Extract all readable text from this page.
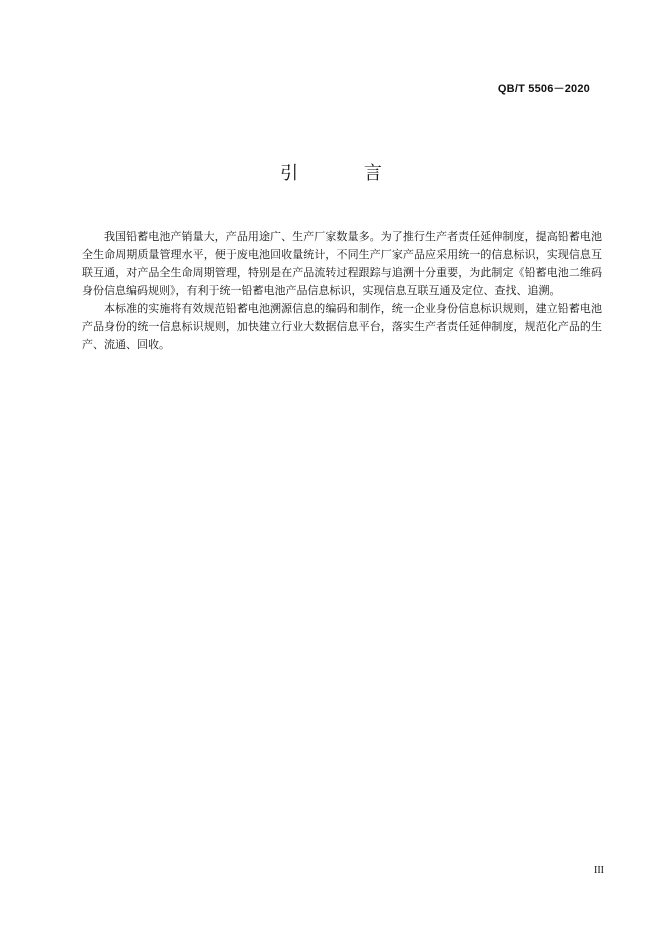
QB/T 5506－2020
引 言

我国铅蓄电池产销量大，产品用途广、生产厂家数量多。为了推行生产者责任延伸制度，提高铅蓄电池全生命周期质量管理水平，便于废电池回收量统计，不同生产厂家产品应采用统一的信息标识，实现信息互联互通，对产品全生命周期管理，特别是在产品流转过程跟踪与追溯十分重要，为此制定《铅蓄电池二维码身份信息编码规则》，有利于统一铅蓄电池产品信息标识，实现信息互联互通及定位、查找、追溯。

本标准的实施将有效规范铅蓄电池溯源信息的编码和制作，统一企业身份信息标识规则，建立铅蓄电池产品身份的统一信息标识规则，加快建立行业大数据信息平台，落实生产者责任延伸制度，规范化产品的生产、流通、回收。

III
